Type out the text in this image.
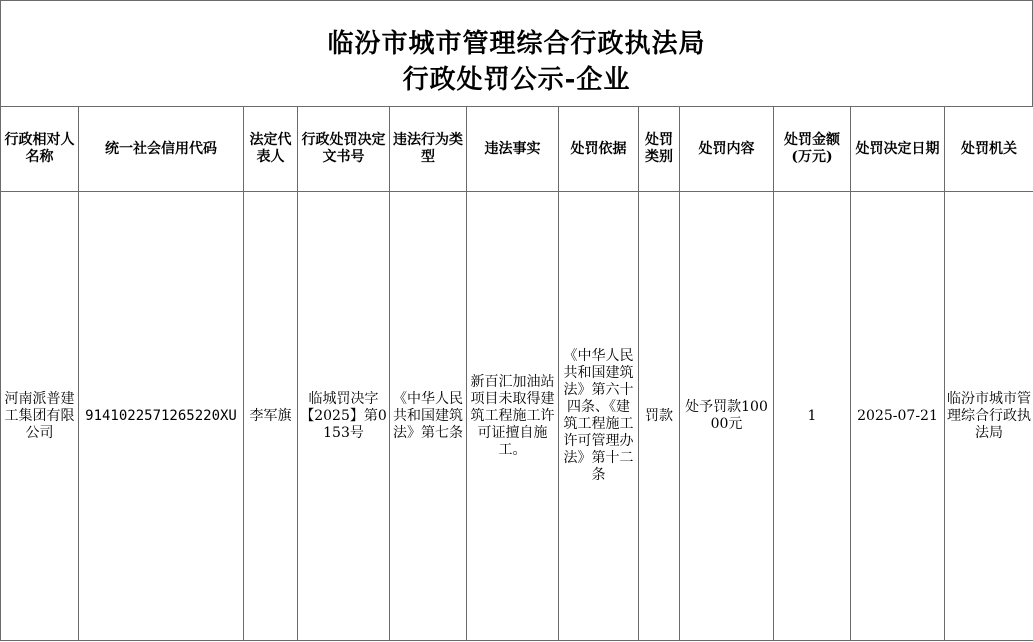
临汾市城市管理综合行政执法局
行政处罚公示-企业
行政相对人名称	统一社会信用代码	法定代表人	行政处罚决定文书号	违法行为类型	违法事实	处罚依据	处罚类别	处罚内容	处罚金额(万元)	处罚决定日期	处罚机关
河南派普建工集团有限公司	9141022571265220XU	李军旗	临城罚决字【2025】第0153号	《中华人民共和国建筑法》第七条	新百汇加油站项目未取得建筑工程施工许可证擅自施工。	《中华人民共和国建筑法》第六十四条、《建筑工程施工许可管理办法》第十二条	罚款	处予罚款10000元	1	2025-07-21	临汾市城市管理综合行政执法局
